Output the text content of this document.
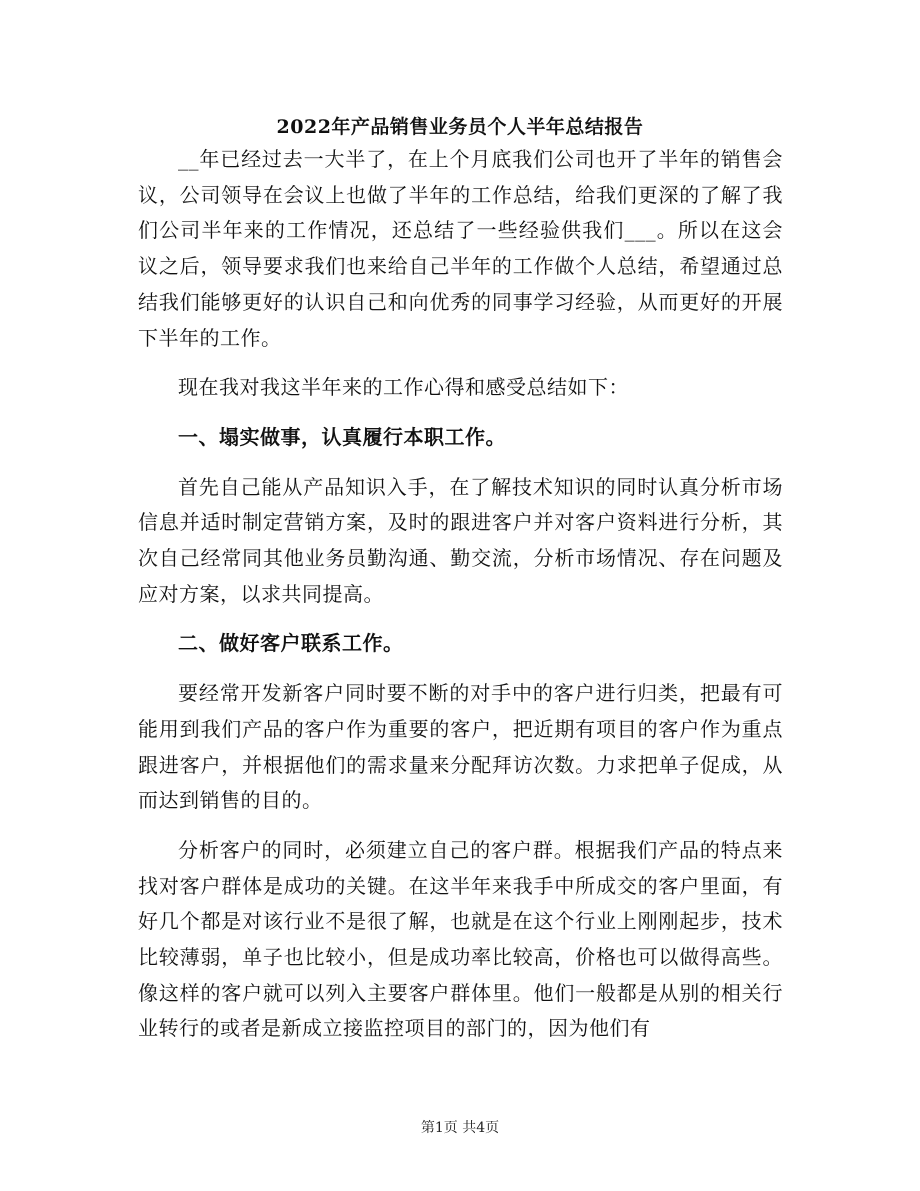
2022年产品销售业务员个人半年总结报告

__年已经过去一大半了，在上个月底我们公司也开了半年的销售会议，公司领导在会议上也做了半年的工作总结，给我们更深的了解了我们公司半年来的工作情况，还总结了一些经验供我们___。所以在这会议之后，领导要求我们也来给自己半年的工作做个人总结，希望通过总结我们能够更好的认识自己和向优秀的同事学习经验，从而更好的开展下半年的工作。

现在我对我这半年来的工作心得和感受总结如下：

一、塌实做事，认真履行本职工作。

首先自己能从产品知识入手，在了解技术知识的同时认真分析市场信息并适时制定营销方案，及时的跟进客户并对客户资料进行分析，其次自己经常同其他业务员勤沟通、勤交流，分析市场情况、存在问题及应对方案，以求共同提高。

二、做好客户联系工作。

要经常开发新客户同时要不断的对手中的客户进行归类，把最有可能用到我们产品的客户作为重要的客户，把近期有项目的客户作为重点跟进客户，并根据他们的需求量来分配拜访次数。力求把单子促成，从而达到销售的目的。

分析客户的同时，必须建立自己的客户群。根据我们产品的特点来找对客户群体是成功的关键。在这半年来我手中所成交的客户里面，有好几个都是对该行业不是很了解，也就是在这个行业上刚刚起步，技术比较薄弱，单子也比较小，但是成功率比较高，价格也可以做得高些。像这样的客户就可以列入主要客户群体里。他们一般都是从别的相关行业转行的或者是新成立接监控项目的部门的，因为他们有

第1页 共4页
